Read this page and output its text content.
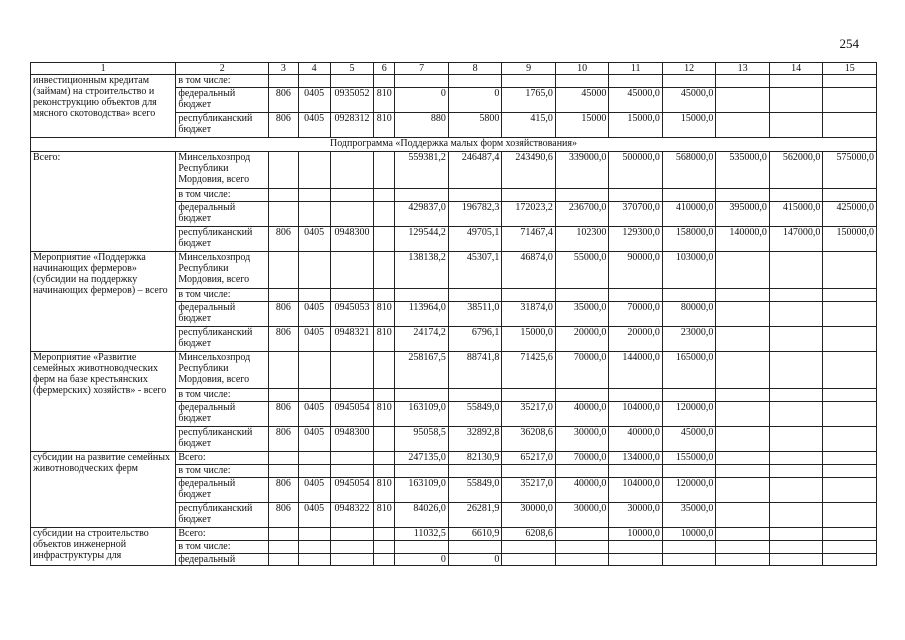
254
1	2	3	4	5	6	7	8	9	10	11	12	13	14	15
инвестиционным кредитам (займам) на строительство и реконструкцию объектов для мясного скотоводства» всего	в том числе:													
	федеральный бюджет	806	0405	0935052	810	0	0	1765,0	45000	45000,0	45000,0			
	республиканский бюджет	806	0405	0928312	810	880	5800	415,0	15000	15000,0	15000,0			
Подпрограмма «Поддержка малых форм хозяйствования»														
Всего:	Минсельхозпрод Республики Мордовия, всего					559381,2	246487,4	243490,6	339000,0	500000,0	568000,0	535000,0	562000,0	575000,0
	в том числе:													
	федеральный бюджет					429837,0	196782,3	172023,2	236700,0	370700,0	410000,0	395000,0	415000,0	425000,0
	республиканский бюджет	806	0405	0948300		129544,2	49705,1	71467,4	102300	129300,0	158000,0	140000,0	147000,0	150000,0
Мероприятие «Поддержка начинающих фермеров» (субсидии на поддержку начинающих фермеров) – всего	Минсельхозпрод Республики Мордовия, всего					138138,2	45307,1	46874,0	55000,0	90000,0	103000,0			
	в том числе:													
	федеральный бюджет	806	0405	0945053	810	113964,0	38511,0	31874,0	35000,0	70000,0	80000,0			
	республиканский бюджет	806	0405	0948321	810	24174,2	6796,1	15000,0	20000,0	20000,0	23000,0			
Мероприятие «Развитие семейных животноводческих ферм на базе крестьянских (фермерских) хозяйств» - всего	Минсельхозпрод Республики Мордовия, всего					258167,5	88741,8	71425,6	70000,0	144000,0	165000,0			
	в том числе:													
	федеральный бюджет	806	0405	0945054	810	163109,0	55849,0	35217,0	40000,0	104000,0	120000,0			
	республиканский бюджет	806	0405	0948300		95058,5	32892,8	36208,6	30000,0	40000,0	45000,0			
субсидии на развитие семейных животноводческих ферм	Всего:					247135,0	82130,9	65217,0	70000,0	134000,0	155000,0			
	в том числе:													
	федеральный бюджет	806	0405	0945054	810	163109,0	55849,0	35217,0	40000,0	104000,0	120000,0			
	республиканский бюджет	806	0405	0948322	810	84026,0	26281,9	30000,0	30000,0	30000,0	35000,0			
субсидии на строительство объектов инженерной инфраструктуры для	Всего:					11032,5	6610,9	6208,6		10000,0	10000,0			
	в том числе:													
	федеральный					0	0							
